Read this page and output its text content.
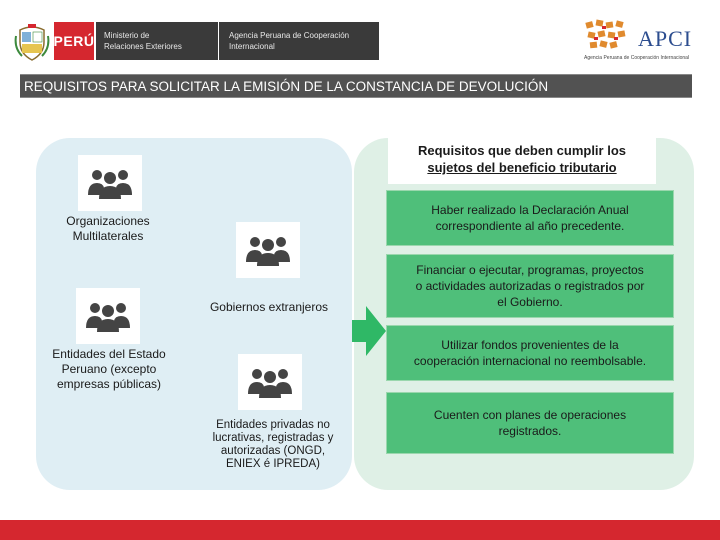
PERÚ Ministerio de
Relaciones Exteriores
Agencia Peruana de Cooperación
Internacional	APCI
Agencia Peruana de Cooperación Internacional
REQUISITOS PARA SOLICITAR LA EMISIÓN DE LA CONSTANCIA DE DEVOLUCIÓN
Organizaciones
Multilaterales
Gobiernos extranjeros
Entidades del Estado
Peruano (excepto
empresas públicas)
Entidades privadas no
lucrativas, registradas y
autorizadas (ONGD,
ENIEX é IPREDA)
Requisitos que deben cumplir los
sujetos del beneficio tributario
Haber realizado la Declaración Anual
correspondiente al año precedente.
Financiar o ejecutar, programas, proyectos
o actividades autorizadas o registrados por
el Gobierno.
Utilizar fondos provenientes de la
cooperación internacional no reembolsable.
Cuenten con planes de operaciones
registrados.
